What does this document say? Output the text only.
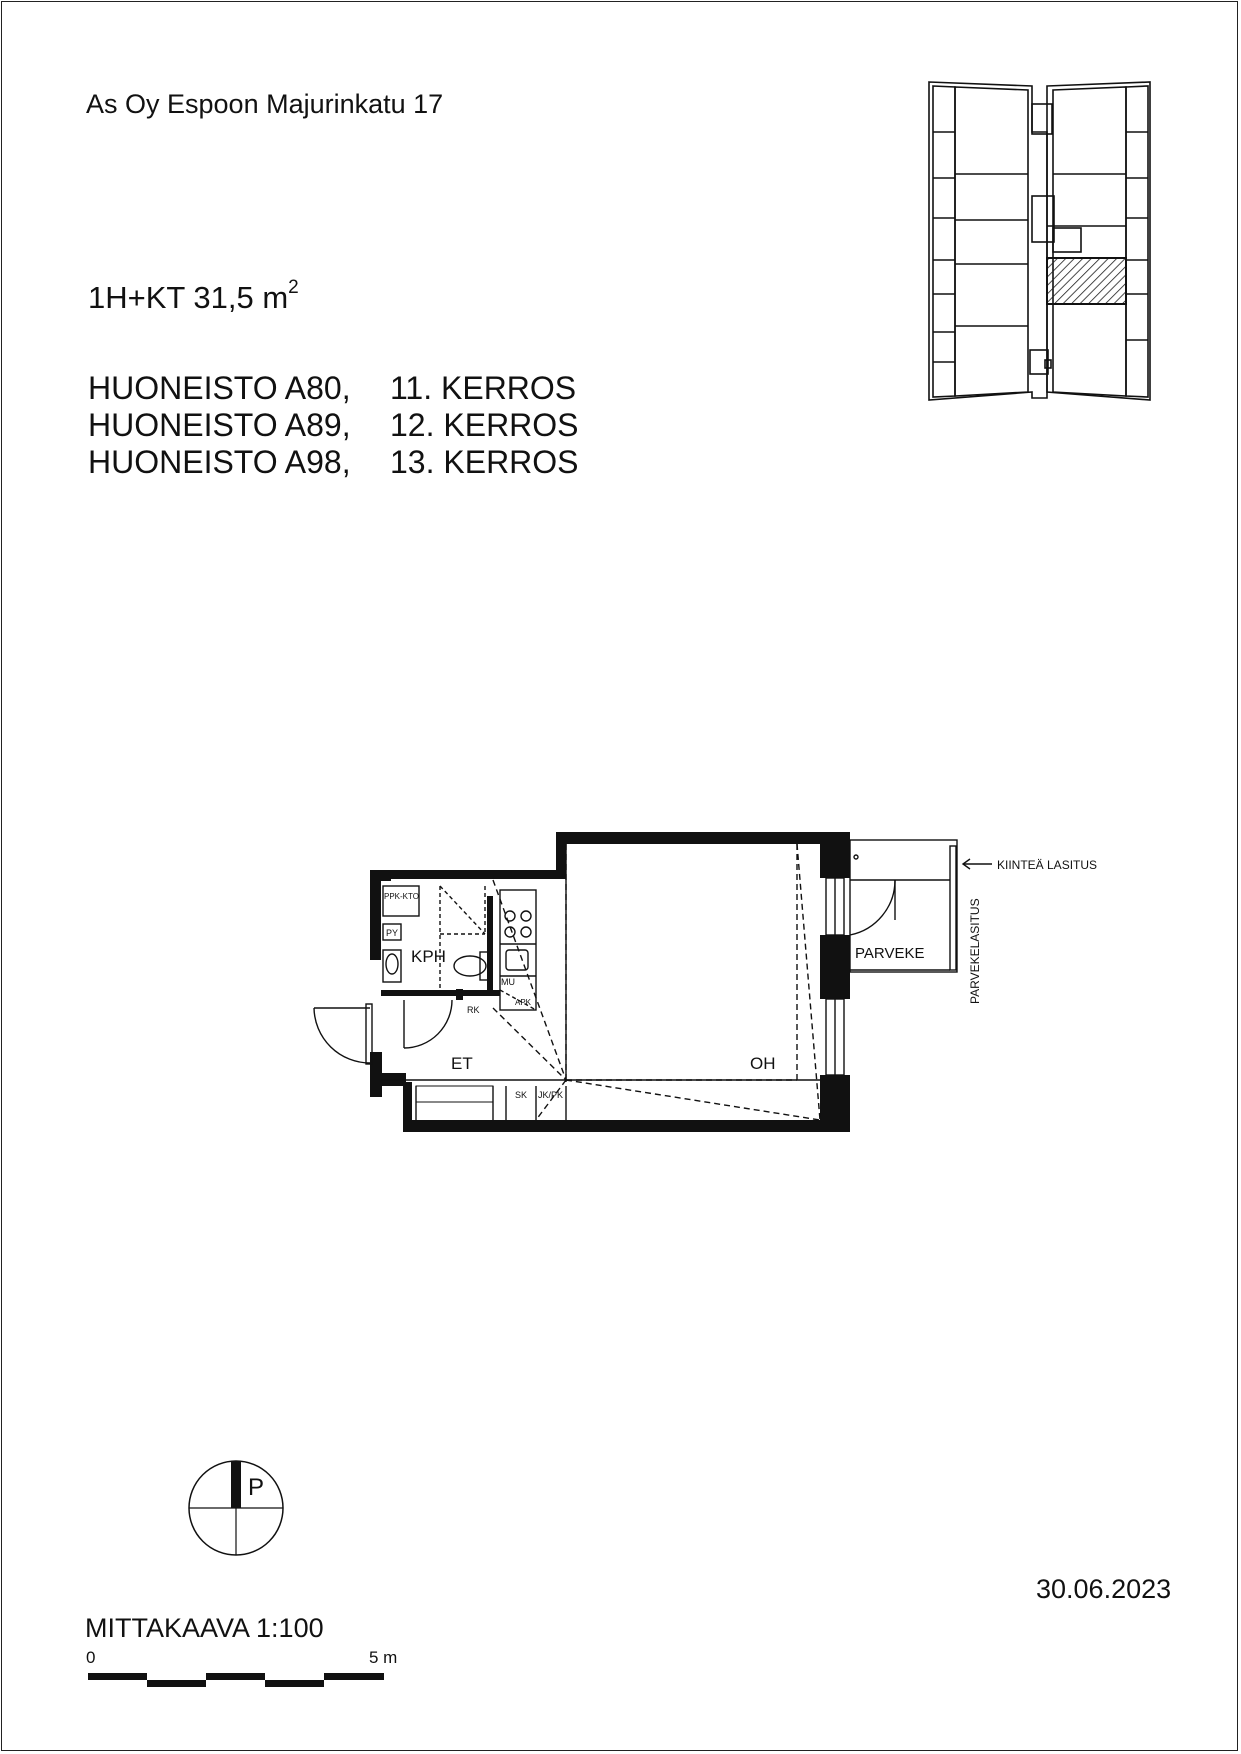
As Oy Espoon Majurinkatu 17
1H+KT 31,5 $m^2$
HUONEISTO A80, 11. KERROS
HUONEISTO A89, 12. KERROS
HUONEISTO A98, 13. KERROS
KPH
ET	OH
PARVEKE
PPK-KTO
PY
MU
APK
RK
SK JK/PK
KIINTEÄ LASITUS
PARVEKELASITUS
P
MITTAKAAVA 1:100
0	5 m
30.06.2023
